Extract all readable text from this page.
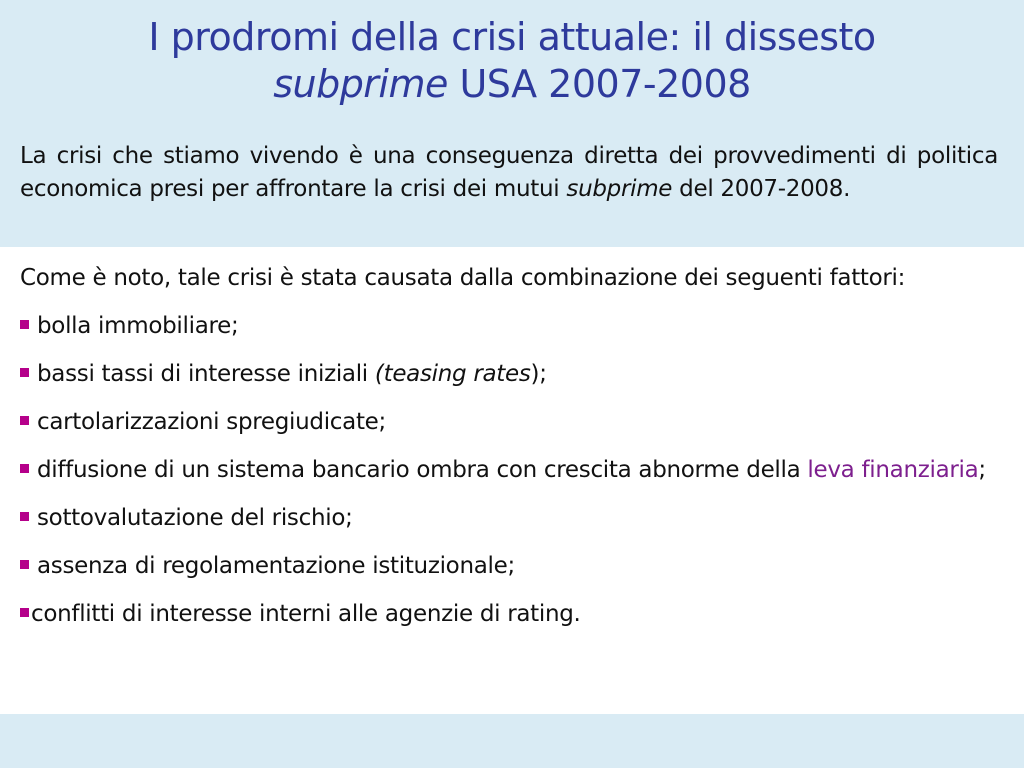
I prodromi della crisi attuale: il dissesto
subprime USA 2007-2008
La crisi che stiamo vivendo è una conseguenza diretta dei provvedimenti di politica economica presi per affrontare la crisi dei mutui subprime del 2007-2008.

Come è noto, tale crisi è stata causata dalla combinazione dei seguenti fattori:

bolla immobiliare;

bassi tassi di interesse iniziali (teasing rates);

cartolarizzazioni spregiudicate;

diffusione di un sistema bancario ombra con crescita abnorme della leva finanziaria;

sottovalutazione del rischio;

assenza di regolamentazione istituzionale;

conflitti di interesse interni alle agenzie di rating.
